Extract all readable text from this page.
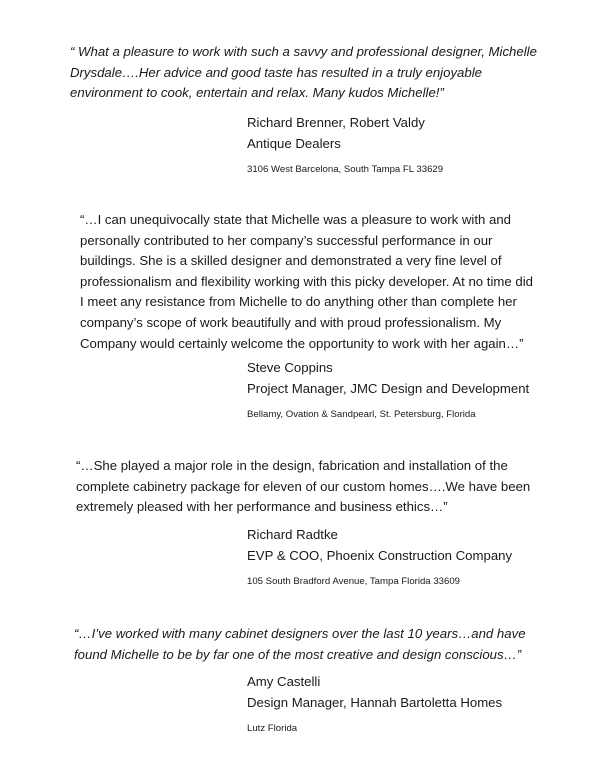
“ What a pleasure to work with such a savvy and professional designer, Michelle
Drysdale….Her advice and good taste has resulted in a truly enjoyable
environment to cook, entertain and relax. Many kudos Michelle!”
Richard Brenner, Robert Valdy
Antique Dealers
3106 West Barcelona, South Tampa FL 33629
“…I can unequivocally state that Michelle was a pleasure to work with and
personally contributed to her company’s successful performance in our
buildings. She is a skilled designer and demonstrated a very fine level of
professionalism and flexibility working with this picky developer. At no time did
I meet any resistance from Michelle to do anything other than complete her
company’s scope of work beautifully and with proud professionalism. My
Company would certainly welcome the opportunity to work with her again…”
Steve Coppins
Project Manager, JMC Design and Development
Bellamy, Ovation & Sandpearl, St. Petersburg, Florida
“…She played a major role in the design, fabrication and installation of the
complete cabinetry package for eleven of our custom homes….We have been
extremely pleased with her performance and business ethics…”
Richard Radtke
EVP & COO, Phoenix Construction Company
105 South Bradford Avenue, Tampa Florida 33609
“…I’ve worked with many cabinet designers over the last 10 years…and have
found Michelle to be by far one of the most creative and design conscious…”
Amy Castelli
Design Manager, Hannah Bartoletta Homes
Lutz Florida
